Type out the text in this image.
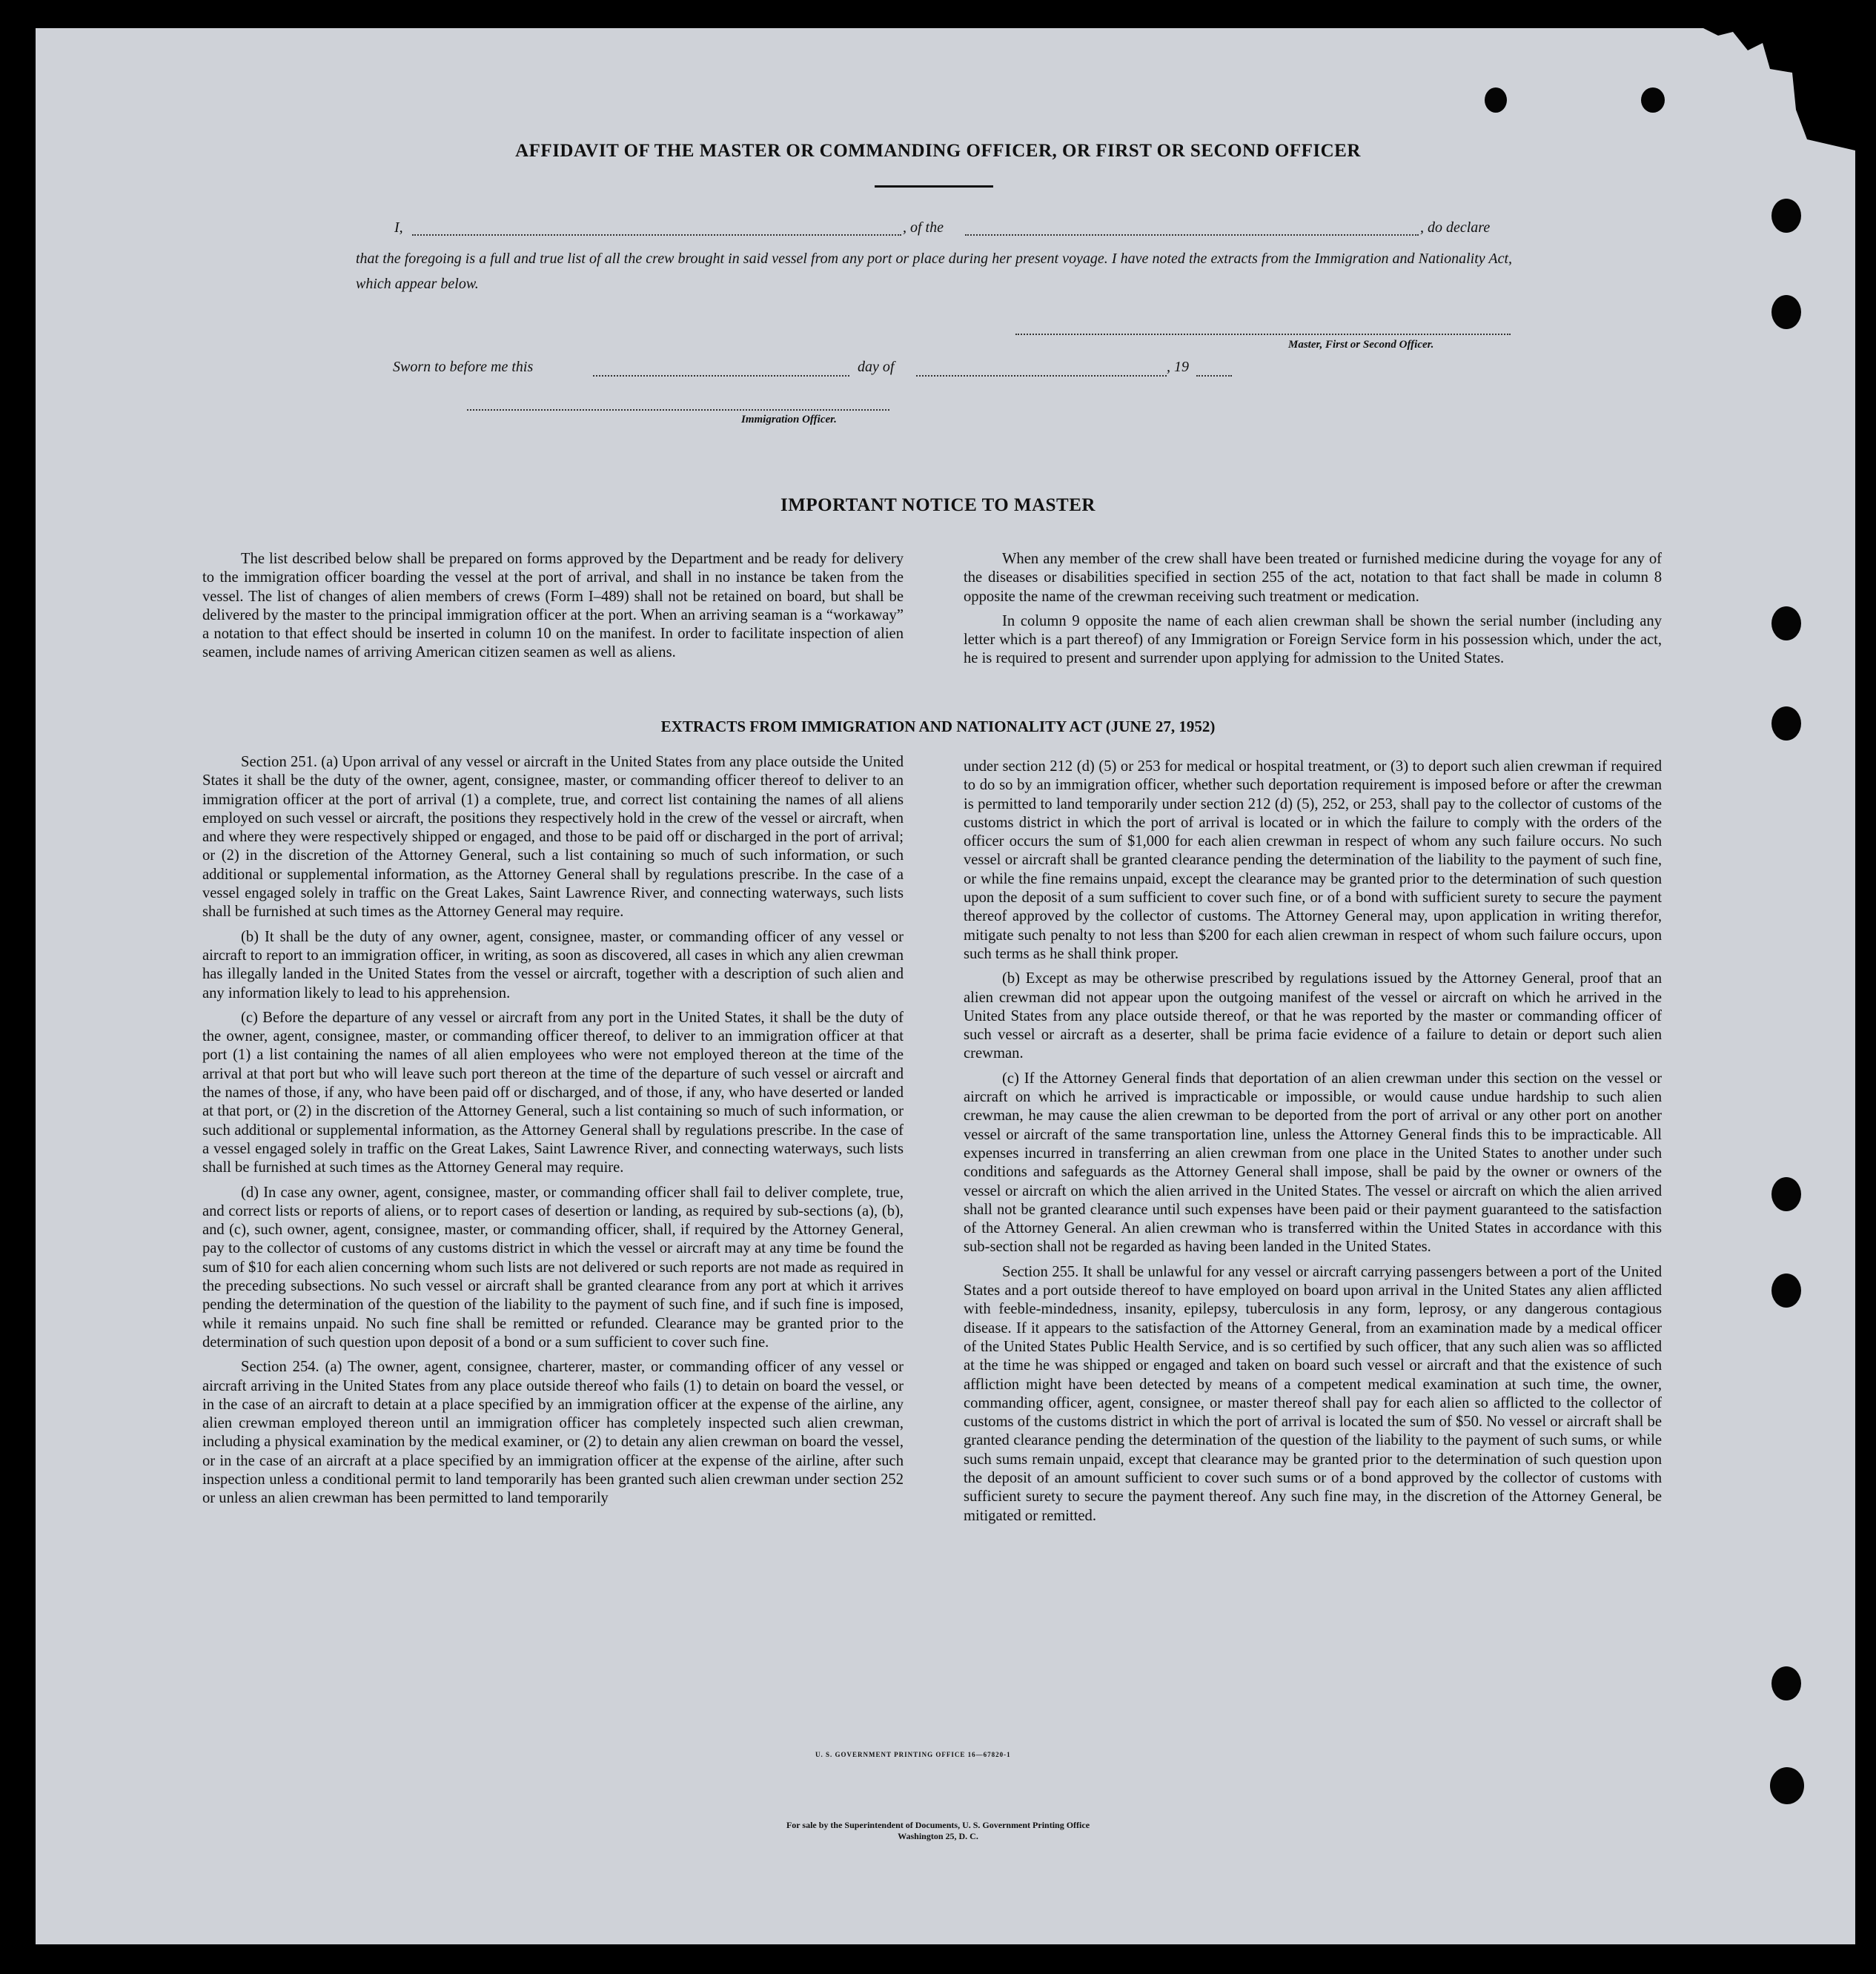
AFFIDAVIT OF THE MASTER OR COMMANDING OFFICER, OR FIRST OR SECOND OFFICER
I,	, of the	, do declare
that the foregoing is a full and true list of all the crew brought in said vessel from any port or place during her present voyage. I have noted the extracts from the Immigration and Nationality Act, which appear below.
Master, First or Second Officer.
Sworn to before me this	day of	, 19
Immigration Officer.
IMPORTANT NOTICE TO MASTER

The list described below shall be prepared on forms approved by the Department and be ready for delivery to the immigration officer boarding the vessel at the port of arrival, and shall in no instance be taken from the vessel. The list of changes of alien members of crews (Form I–489) shall not be retained on board, but shall be delivered by the master to the principal immigration officer at the port. When an arriving seaman is a “workaway” a notation to that effect should be inserted in column 10 on the manifest. In order to facilitate inspection of alien seamen, include names of arriving American citizen seamen as well as aliens.

When any member of the crew shall have been treated or furnished medicine during the voyage for any of the diseases or disabilities specified in section 255 of the act, notation to that fact shall be made in column 8 opposite the name of the crewman receiving such treatment or medication.

In column 9 opposite the name of each alien crewman shall be shown the serial number (including any letter which is a part thereof) of any Immigration or Foreign Service form in his possession which, under the act, he is required to present and surrender upon applying for admission to the United States.

EXTRACTS FROM IMMIGRATION AND NATIONALITY ACT (JUNE 27, 1952)

Section 251. (a) Upon arrival of any vessel or aircraft in the United States from any place outside the United States it shall be the duty of the owner, agent, consignee, master, or commanding officer thereof to deliver to an immigration officer at the port of arrival (1) a complete, true, and correct list containing the names of all aliens employed on such vessel or aircraft, the positions they respectively hold in the crew of the vessel or aircraft, when and where they were respectively shipped or engaged, and those to be paid off or discharged in the port of arrival; or (2) in the discretion of the Attorney General, such a list containing so much of such information, or such additional or supplemental information, as the Attorney General shall by regulations prescribe. In the case of a vessel engaged solely in traffic on the Great Lakes, Saint Lawrence River, and connecting waterways, such lists shall be furnished at such times as the Attorney General may require.

(b) It shall be the duty of any owner, agent, consignee, master, or commanding officer of any vessel or aircraft to report to an immigration officer, in writing, as soon as discovered, all cases in which any alien crewman has illegally landed in the United States from the vessel or aircraft, together with a description of such alien and any information likely to lead to his apprehension.

(c) Before the departure of any vessel or aircraft from any port in the United States, it shall be the duty of the owner, agent, consignee, master, or commanding officer thereof, to deliver to an immigration officer at that port (1) a list containing the names of all alien employees who were not employed thereon at the time of the arrival at that port but who will leave such port thereon at the time of the departure of such vessel or aircraft and the names of those, if any, who have been paid off or discharged, and of those, if any, who have deserted or landed at that port, or (2) in the discretion of the Attorney General, such a list containing so much of such information, or such additional or supplemental information, as the Attorney General shall by regulations prescribe. In the case of a vessel engaged solely in traffic on the Great Lakes, Saint Lawrence River, and connecting waterways, such lists shall be furnished at such times as the Attorney General may require.

(d) In case any owner, agent, consignee, master, or commanding officer shall fail to deliver complete, true, and correct lists or reports of aliens, or to report cases of desertion or landing, as required by sub-sections (a), (b), and (c), such owner, agent, consignee, master, or commanding officer, shall, if required by the Attorney General, pay to the collector of customs of any customs district in which the vessel or aircraft may at any time be found the sum of $10 for each alien concerning whom such lists are not delivered or such reports are not made as required in the preceding subsections. No such vessel or aircraft shall be granted clearance from any port at which it arrives pending the determination of the question of the liability to the payment of such fine, and if such fine is imposed, while it remains unpaid. No such fine shall be remitted or refunded. Clearance may be granted prior to the determination of such question upon deposit of a bond or a sum sufficient to cover such fine.

Section 254. (a) The owner, agent, consignee, charterer, master, or commanding officer of any vessel or aircraft arriving in the United States from any place outside thereof who fails (1) to detain on board the vessel, or in the case of an aircraft to detain at a place specified by an immigration officer at the expense of the airline, any alien crewman employed thereon until an immigration officer has completely inspected such alien crewman, including a physical examination by the medical examiner, or (2) to detain any alien crewman on board the vessel, or in the case of an aircraft at a place specified by an immigration officer at the expense of the airline, after such inspection unless a conditional permit to land temporarily has been granted such alien crewman under section 252 or unless an alien crewman has been permitted to land temporarily

under section 212 (d) (5) or 253 for medical or hospital treatment, or (3) to deport such alien crewman if required to do so by an immigration officer, whether such deportation requirement is imposed before or after the crewman is permitted to land temporarily under section 212 (d) (5), 252, or 253, shall pay to the collector of customs of the customs district in which the port of arrival is located or in which the failure to comply with the orders of the officer occurs the sum of $1,000 for each alien crewman in respect of whom any such failure occurs. No such vessel or aircraft shall be granted clearance pending the determination of the liability to the payment of such fine, or while the fine remains unpaid, except the clearance may be granted prior to the determination of such question upon the deposit of a sum sufficient to cover such fine, or of a bond with sufficient surety to secure the payment thereof approved by the collector of customs. The Attorney General may, upon application in writing therefor, mitigate such penalty to not less than $200 for each alien crewman in respect of whom such failure occurs, upon such terms as he shall think proper.

(b) Except as may be otherwise prescribed by regulations issued by the Attorney General, proof that an alien crewman did not appear upon the outgoing manifest of the vessel or aircraft on which he arrived in the United States from any place outside thereof, or that he was reported by the master or commanding officer of such vessel or aircraft as a deserter, shall be prima facie evidence of a failure to detain or deport such alien crewman.

(c) If the Attorney General finds that deportation of an alien crewman under this section on the vessel or aircraft on which he arrived is impracticable or impossible, or would cause undue hardship to such alien crewman, he may cause the alien crewman to be deported from the port of arrival or any other port on another vessel or aircraft of the same transportation line, unless the Attorney General finds this to be impracticable. All expenses incurred in transferring an alien crewman from one place in the United States to another under such conditions and safeguards as the Attorney General shall impose, shall be paid by the owner or owners of the vessel or aircraft on which the alien arrived in the United States. The vessel or aircraft on which the alien arrived shall not be granted clearance until such expenses have been paid or their payment guaranteed to the satisfaction of the Attorney General. An alien crewman who is transferred within the United States in accordance with this sub-section shall not be regarded as having been landed in the United States.

Section 255. It shall be unlawful for any vessel or aircraft carrying passengers between a port of the United States and a port outside thereof to have employed on board upon arrival in the United States any alien afflicted with feeble-mindedness, insanity, epilepsy, tuberculosis in any form, leprosy, or any dangerous contagious disease. If it appears to the satisfaction of the Attorney General, from an examination made by a medical officer of the United States Public Health Service, and is so certified by such officer, that any such alien was so afflicted at the time he was shipped or engaged and taken on board such vessel or aircraft and that the existence of such affliction might have been detected by means of a competent medical examination at such time, the owner, commanding officer, agent, consignee, or master thereof shall pay for each alien so afflicted to the collector of customs of the customs district in which the port of arrival is located the sum of $50. No vessel or aircraft shall be granted clearance pending the determination of the question of the liability to the payment of such sums, or while such sums remain unpaid, except that clearance may be granted prior to the determination of such question upon the deposit of an amount sufficient to cover such sums or of a bond approved by the collector of customs with sufficient surety to secure the payment thereof. Any such fine may, in the discretion of the Attorney General, be mitigated or remitted.

U. S. GOVERNMENT PRINTING OFFICE 16—67820-1
For sale by the Superintendent of Documents, U. S. Government Printing Office
Washington 25, D. C.
